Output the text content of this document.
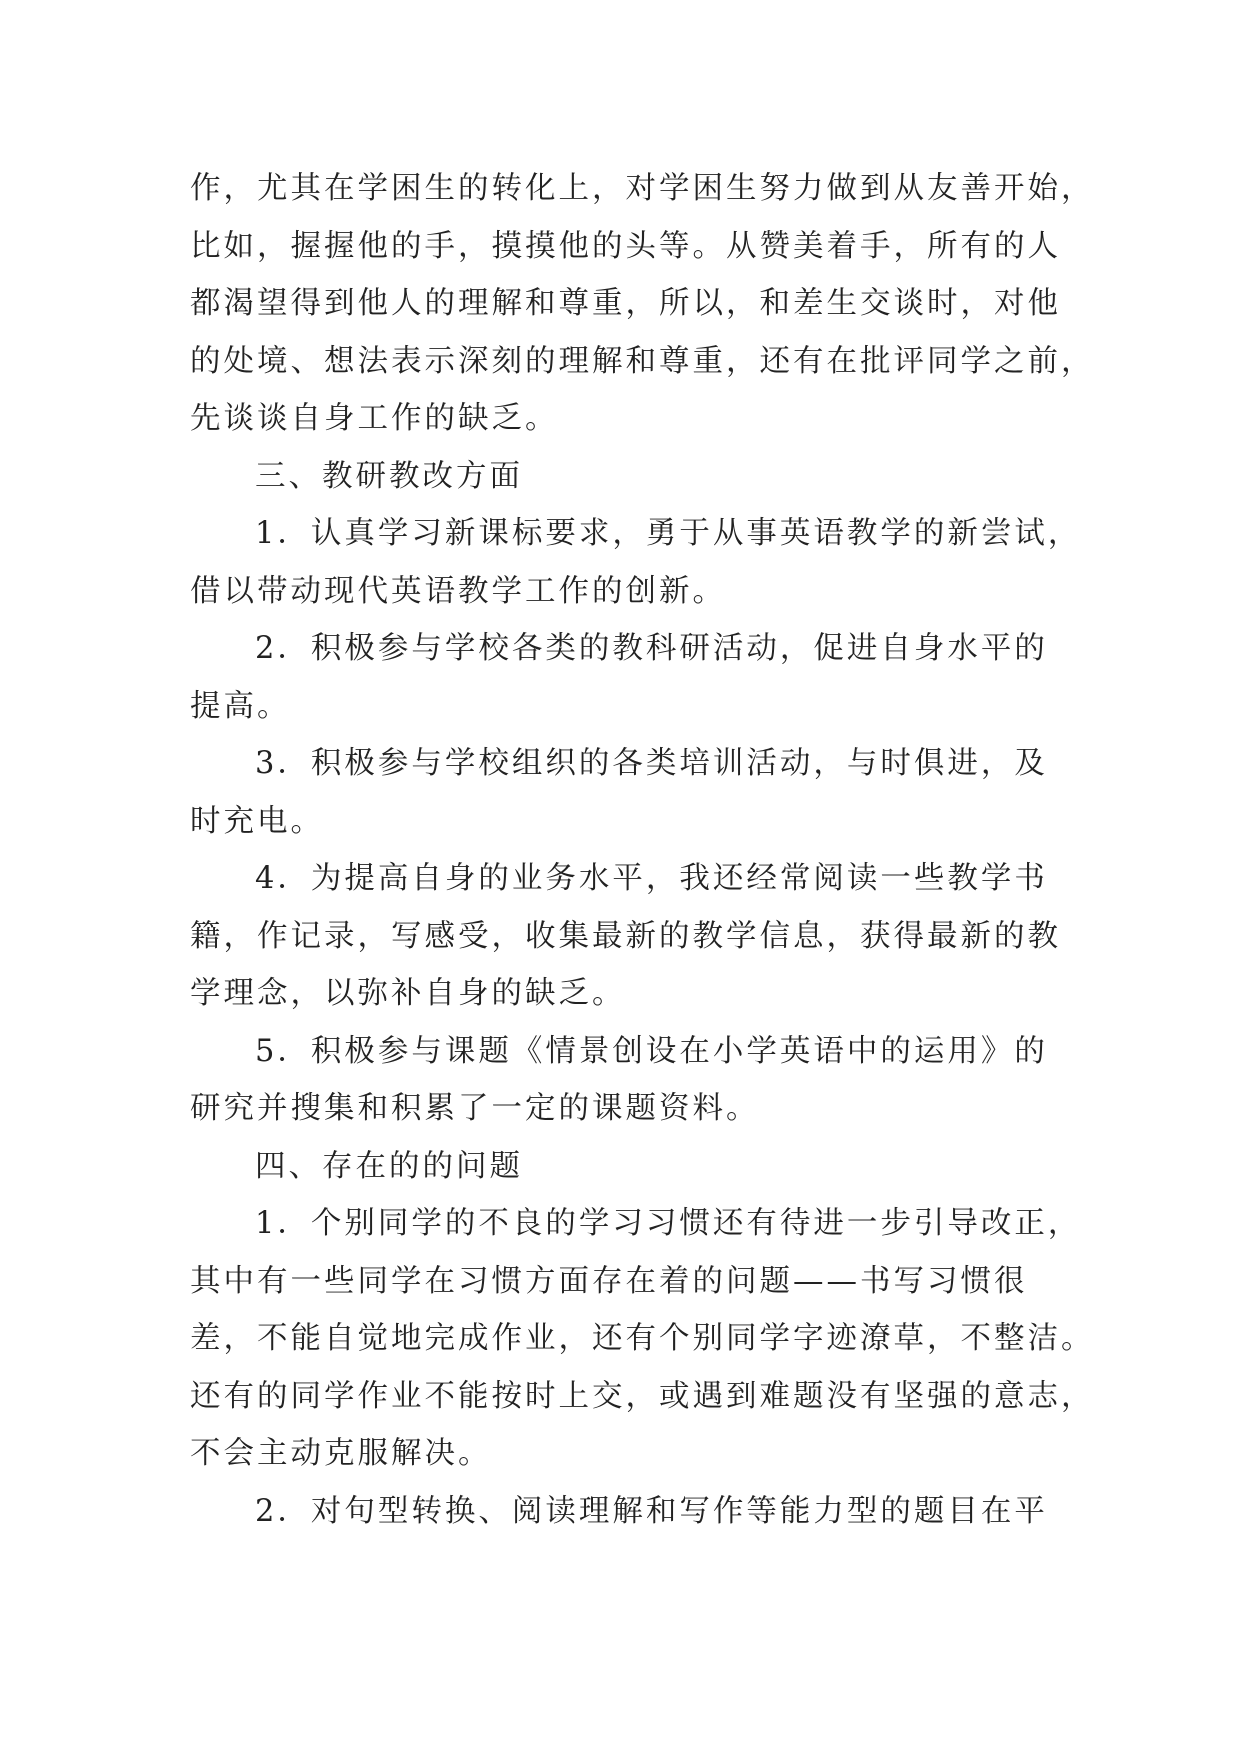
作，尤其在学困生的转化上，对学困生努力做到从友善开始，
比如，握握他的手，摸摸他的头等。从赞美着手，所有的人
都渴望得到他人的理解和尊重，所以，和差生交谈时，对他
的处境、想法表示深刻的理解和尊重，还有在批评同学之前，
先谈谈自身工作的缺乏。
三、教研教改方面
1．认真学习新课标要求，勇于从事英语教学的新尝试，
借以带动现代英语教学工作的创新。
2．积极参与学校各类的教科研活动，促进自身水平的
提高。
3．积极参与学校组织的各类培训活动，与时俱进，及
时充电。
4．为提高自身的业务水平，我还经常阅读一些教学书
籍，作记录，写感受，收集最新的教学信息，获得最新的教
学理念，以弥补自身的缺乏。
5．积极参与课题《情景创设在小学英语中的运用》的
研究并搜集和积累了一定的课题资料。
四、存在的的问题
1．个别同学的不良的学习习惯还有待进一步引导改正，
其中有一些同学在习惯方面存在着的问题——书写习惯很
差，不能自觉地完成作业，还有个别同学字迹潦草，不整洁。
还有的同学作业不能按时上交，或遇到难题没有坚强的意志，
不会主动克服解决。
2．对句型转换、阅读理解和写作等能力型的题目在平
